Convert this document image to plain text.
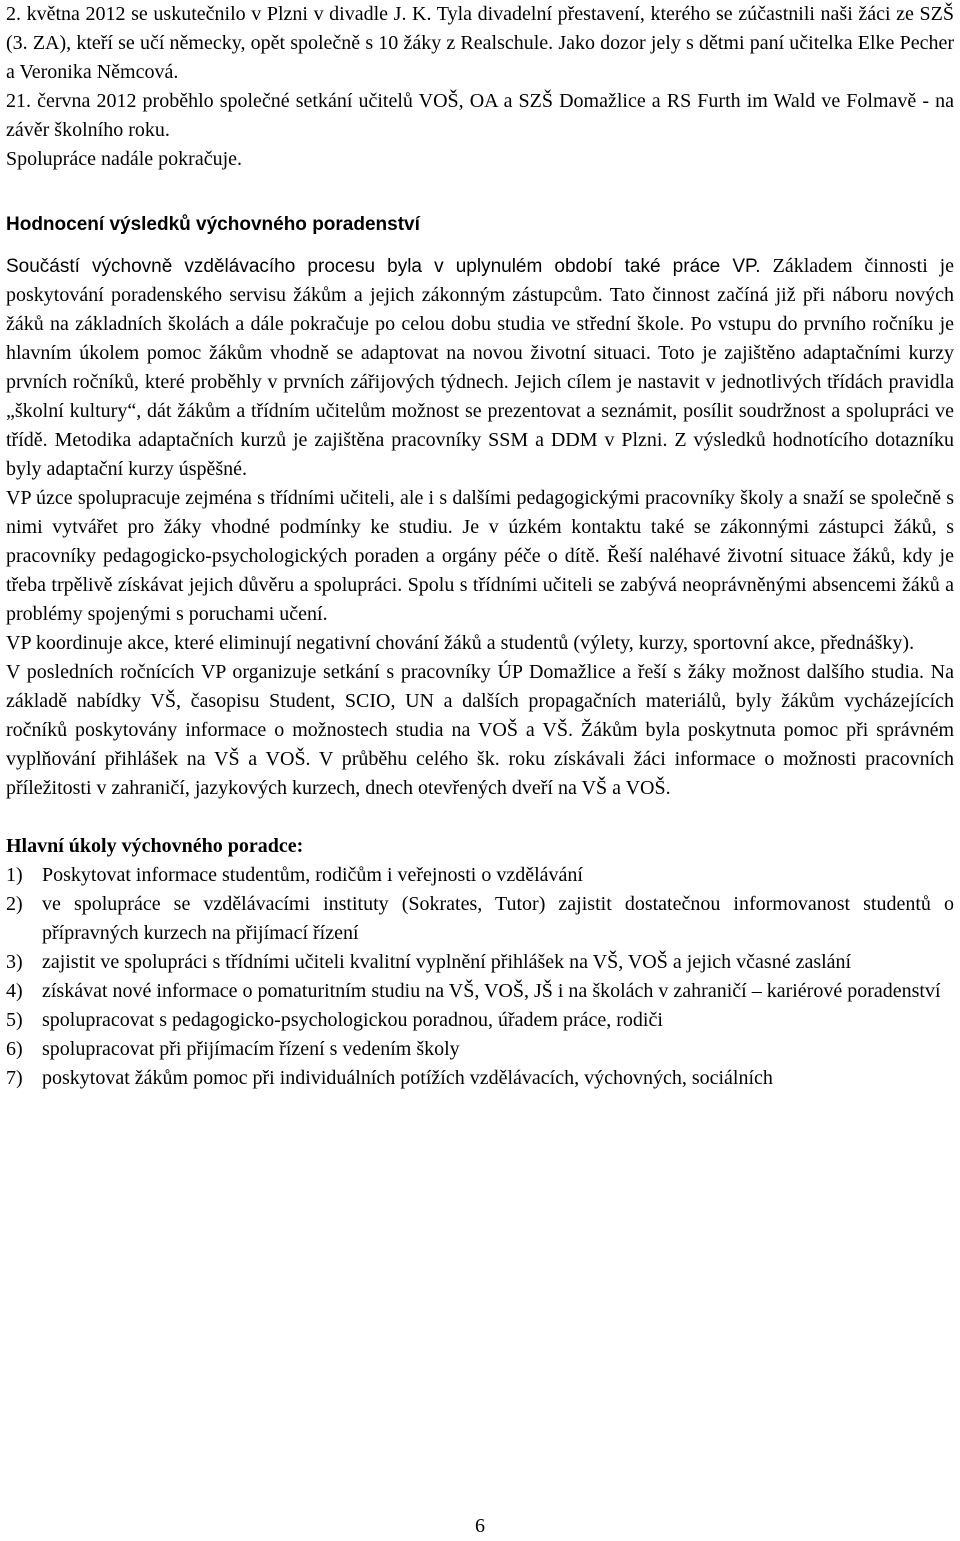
2. května 2012 se uskutečnilo v Plzni v divadle J. K. Tyla divadelní přestavení, kterého se zúčastnili naši žáci ze SZŠ (3. ZA), kteří se učí německy, opět společně s 10 žáky z Realschule. Jako dozor jely s dětmi paní učitelka Elke Pecher a Veronika Němcová.

21. června 2012 proběhlo společné setkání učitelů VOŠ, OA a SZŠ Domažlice a RS Furth im Wald ve Folmavě - na závěr školního roku.

Spolupráce nadále pokračuje.

Hodnocení výsledků výchovného poradenství

Součástí výchovně vzdělávacího procesu byla v uplynulém období také práce VP. Základem činnosti je poskytování poradenského servisu žákům a jejich zákonným zástupcům. Tato činnost začíná již při náboru nových žáků na základních školách a dále pokračuje po celou dobu studia ve střední škole. Po vstupu do prvního ročníku je hlavním úkolem pomoc žákům vhodně se adaptovat na novou životní situaci. Toto je zajištěno adaptačními kurzy prvních ročníků, které proběhly v prvních zářijových týdnech. Jejich cílem je nastavit v jednotlivých třídách pravidla „školní kultury“, dát žákům a třídním učitelům možnost se prezentovat a seznámit, posílit soudržnost a spolupráci ve třídě. Metodika adaptačních kurzů je zajištěna pracovníky SSM a DDM v Plzni. Z výsledků hodnotícího dotazníku byly adaptační kurzy úspěšné.

VP úzce spolupracuje zejména s třídními učiteli, ale i s dalšími pedagogickými pracovníky školy a snaží se společně s nimi vytvářet pro žáky vhodné podmínky ke studiu. Je v úzkém kontaktu také se zákonnými zástupci žáků, s pracovníky pedagogicko-psychologických poraden a orgány péče o dítě. Řeší naléhavé životní situace žáků, kdy je třeba trpělivě získávat jejich důvěru a spolupráci. Spolu s třídními učiteli se zabývá neoprávněnými absencemi žáků a problémy spojenými s poruchami učení.

VP koordinuje akce, které eliminují negativní chování žáků a studentů (výlety, kurzy, sportovní akce, přednášky).

V posledních ročnících VP organizuje setkání s pracovníky ÚP Domažlice a řeší s žáky možnost dalšího studia. Na základě nabídky VŠ, časopisu Student, SCIO, UN a dalších propagačních materiálů, byly žákům vycházejících ročníků poskytovány informace o možnostech studia na VOŠ a VŠ. Žákům byla poskytnuta pomoc při správném vyplňování přihlášek na VŠ a VOŠ. V průběhu celého šk. roku získávali žáci informace o možnosti pracovních příležitosti v zahraničí, jazykových kurzech, dnech otevřených dveří na VŠ a VOŠ.

Hlavní úkoly výchovného poradce:

1) Poskytovat informace studentům, rodičům i veřejnosti o vzdělávání
2) ve spolupráce se vzdělávacími instituty (Sokrates, Tutor) zajistit dostatečnou informovanost studentů o přípravných kurzech na přijímací řízení
3) zajistit ve spolupráci s třídními učiteli kvalitní vyplnění přihlášek na VŠ, VOŠ a jejich včasné zaslání
4) získávat nové informace o pomaturitním studiu na VŠ, VOŠ, JŠ i na školách v zahraničí – kariérové poradenství
5) spolupracovat s pedagogicko-psychologickou poradnou, úřadem práce, rodiči
6) spolupracovat při přijímacím řízení s vedením školy
7) poskytovat žákům pomoc při individuálních potížích vzdělávacích, výchovných, sociálních
6
